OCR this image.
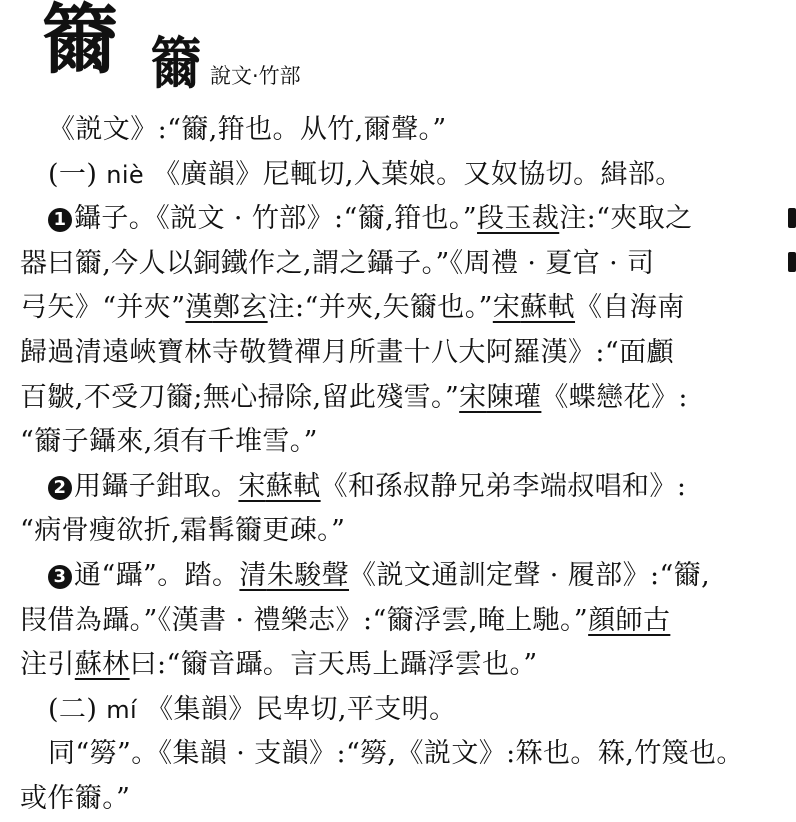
籋 籋 說文·竹部
《説文》:“籋,箝也。从竹,爾聲。”
(一) niè 《廣韻》尼輒切,入葉娘。又奴協切。緝部。
1 鑷子。《説文 · 竹部》:“籋,箝也。”段玉裁注:“夾取之
器曰籋,今人以銅鐵作之,謂之鑷子。”《周禮 · 夏官 · 司
弓矢》“并夾”漢鄭玄注:“并夾,矢籋也。”宋蘇軾《自海南
歸過清遠峽寶林寺敬贊禪月所畫十八大阿羅漢》:“面顱
百皺,不受刀籋;無心掃除,留此殘雪。”宋陳瓘《蝶戀花》:
“籋子鑷來,須有千堆雪。”
2 用鑷子鉗取。宋蘇軾《和孫叔静兄弟李端叔唱和》:
“病骨瘦欲折,霜髯籋更疎。”
3 通“躡”。踏。清朱駿聲《説文通訓定聲 · 履部》:“籋,
叚借為躡。”《漢書 · 禮樂志》:“籋浮雲,晻上馳。”顔師古
注引蘇林曰:“籋音躡。言天馬上躡浮雲也。”
(二) mí 《集韻》民卑切,平支明。
同“簩”。《集韻 · 支韻》:“簩,《説文》:箖也。箖,竹篾也。
或作籋。”
